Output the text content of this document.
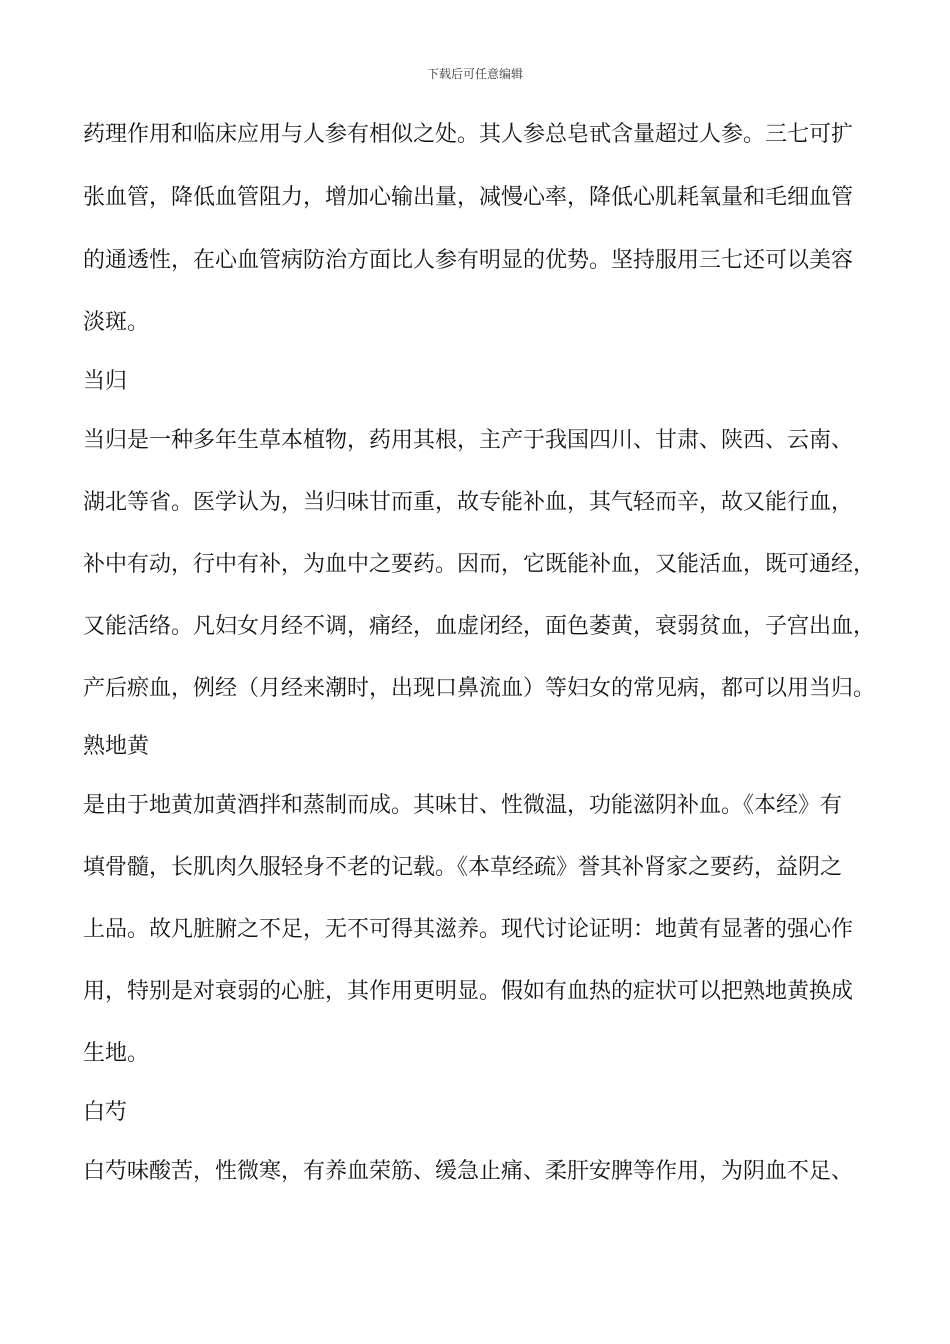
下载后可任意编辑
药理作用和临床应用与人参有相似之处。其人参总皂甙含量超过人参。三七可扩
张血管，降低血管阻力，增加心输出量，减慢心率，降低心肌耗氧量和毛细血管
的通透性，在心血管病防治方面比人参有明显的优势。坚持服用三七还可以美容
淡斑。
当归
当归是一种多年生草本植物，药用其根，主产于我国四川、甘肃、陕西、云南、
湖北等省。医学认为，当归味甘而重，故专能补血，其气轻而辛，故又能行血，
补中有动，行中有补，为血中之要药。因而，它既能补血，又能活血，既可通经，
又能活络。凡妇女月经不调，痛经，血虚闭经，面色萎黄，衰弱贫血，子宫出血，
产后瘀血，例经（月经来潮时，出现口鼻流血）等妇女的常见病，都可以用当归。
熟地黄
是由于地黄加黄酒拌和蒸制而成。其味甘、性微温，功能滋阴补血。《本经》有
填骨髓，长肌肉久服轻身不老的记载。《本草经疏》誉其补肾家之要药，益阴之
上品。故凡脏腑之不足，无不可得其滋养。现代讨论证明：地黄有显著的强心作
用，特别是对衰弱的心脏，其作用更明显。假如有血热的症状可以把熟地黄换成
生地。
白芍
白芍味酸苦，性微寒，有养血荣筋、缓急止痛、柔肝安脾等作用，为阴血不足、
